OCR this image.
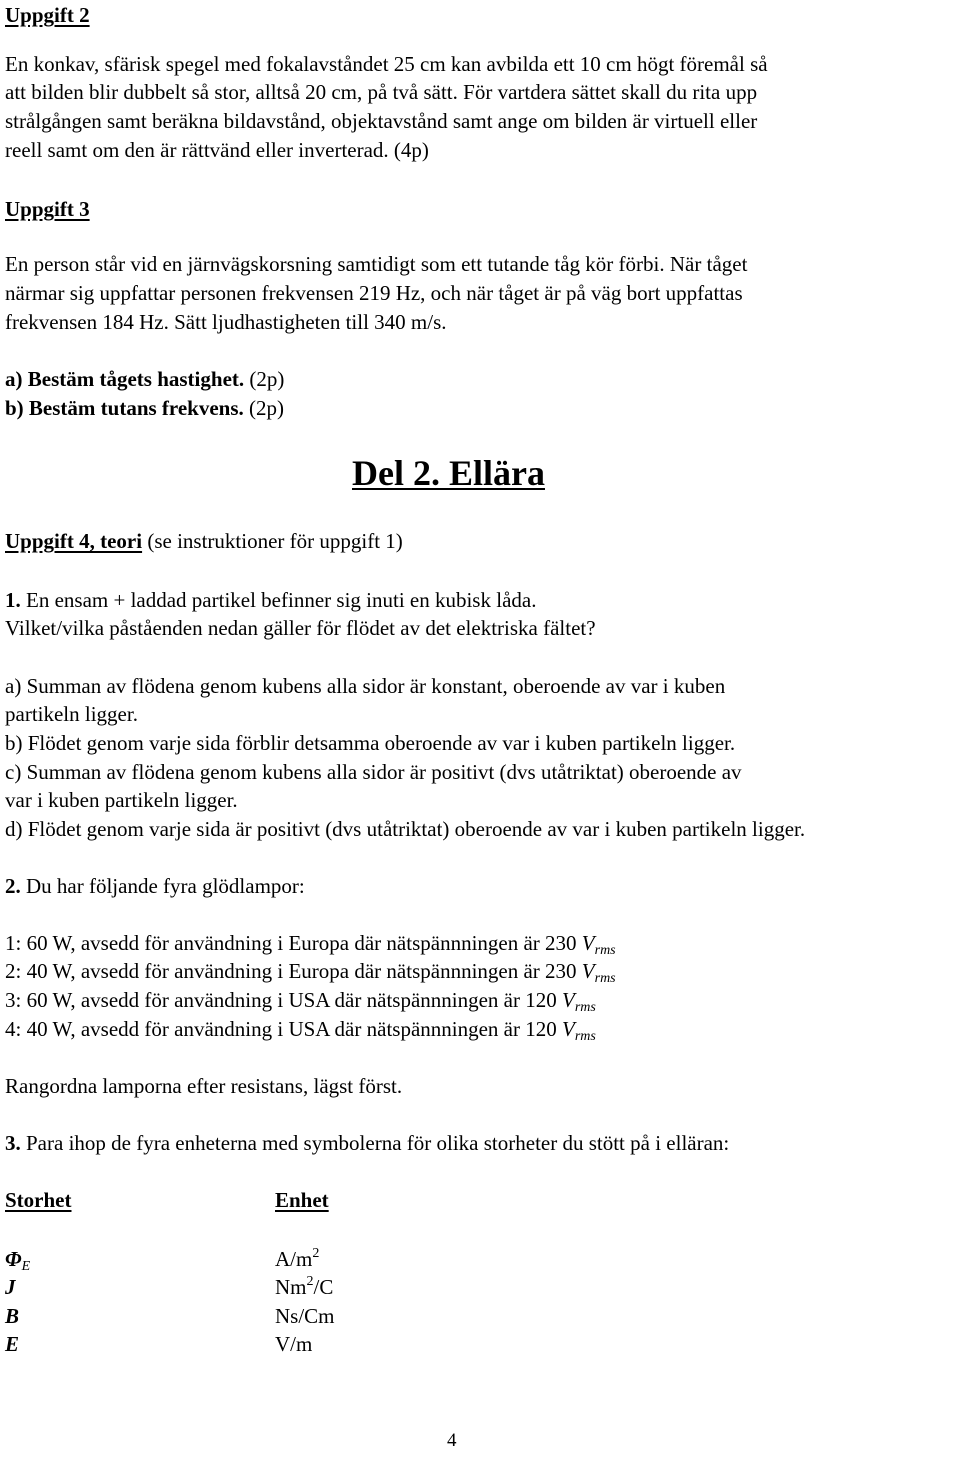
Uppgift 2
En konkav, sfärisk spegel med fokalavståndet 25 cm kan avbilda ett 10 cm högt föremål så
att bilden blir dubbelt så stor, alltså 20 cm, på två sätt. För vartdera sättet skall du rita upp
strålgången samt beräkna bildavstånd, objektavstånd samt ange om bilden är virtuell eller
reell samt om den är rättvänd eller inverterad. (4p)
Uppgift 3
En person står vid en järnvägskorsning samtidigt som ett tutande tåg kör förbi. När tåget
närmar sig uppfattar personen frekvensen 219 Hz, och när tåget är på väg bort uppfattas
frekvensen 184 Hz. Sätt ljudhastigheten till 340 m/s.
a) Bestäm tågets hastighet. (2p)
b) Bestäm tutans frekvens. (2p)
Del 2. Ellära
Uppgift 4, teori (se instruktioner för uppgift 1)
1. En ensam + laddad partikel befinner sig inuti en kubisk låda.
Vilket/vilka påståenden nedan gäller för flödet av det elektriska fältet?
a) Summan av flödena genom kubens alla sidor är konstant, oberoende av var i kuben
partikeln ligger.
b) Flödet genom varje sida förblir detsamma oberoende av var i kuben partikeln ligger.
c) Summan av flödena genom kubens alla sidor är positivt (dvs utåtriktat) oberoende av
var i kuben partikeln ligger.
d) Flödet genom varje sida är positivt (dvs utåtriktat) oberoende av var i kuben partikeln ligger.
2. Du har följande fyra glödlampor:
1: 60 W, avsedd för användning i Europa där nätspännningen är 230 $V_{rms}$
2: 40 W, avsedd för användning i Europa där nätspännningen är 230 $V_{rms}$
3: 60 W, avsedd för användning i USA där nätspännningen är 120 $V_{rms}$
4: 40 W, avsedd för användning i USA där nätspännningen är 120 $V_{rms}$
Rangordna lamporna efter resistans, lägst först.
3. Para ihop de fyra enheterna med symbolerna för olika storheter du stött på i elläran:
Storhet	Enhet
$\Phi_E$
J
B
E
$A/m^2$
Nm$^2$/C
Ns/Cm
V/m
4
